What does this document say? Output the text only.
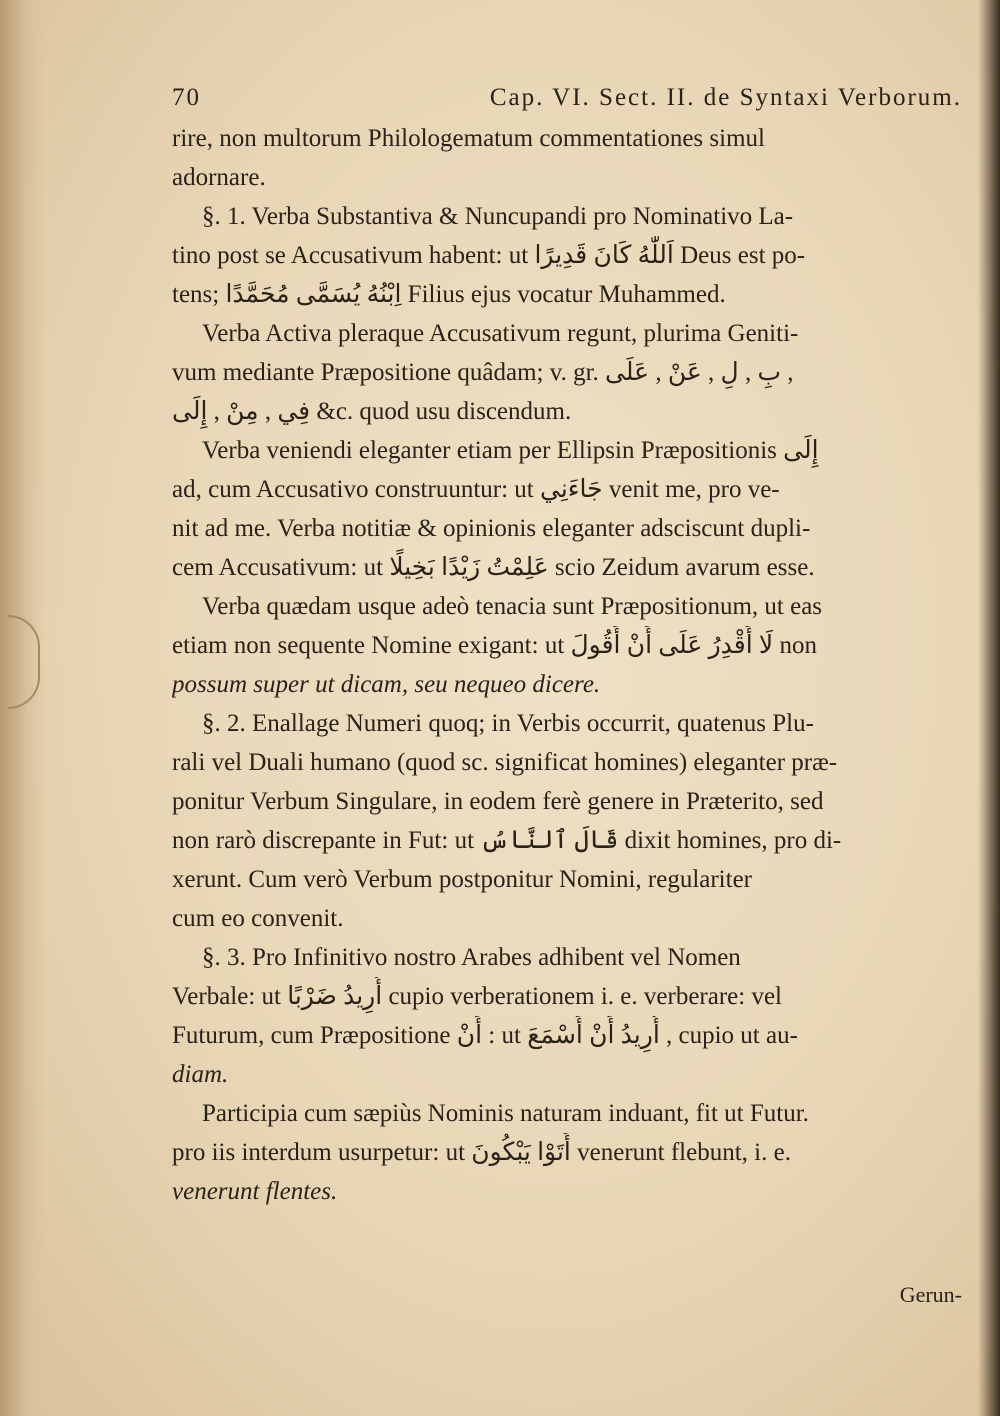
70	Cap. VI. Sect. II. de Syntaxi Verborum.
rire, non multorum Philologematum commentationes simul
adornare.
§. 1. Verba Substantiva & Nuncupandi pro Nominativo La-
tino post se Accusativum habent: ut اَللّٰهُ كَانَ قَدِيرًا Deus est po-
tens; اِبْنُهُ يُسَمَّى مُحَمَّدًا Filius ejus vocatur Muhammed.
Verba Activa pleraque Accusativum regunt, plurima Geniti-
vum mediante Præpositione quâdam; v. gr. بِ , لِ , عَنْ , عَلَى ,
فِي , مِنْ , إِلَى &c. quod usu discendum.
Verba veniendi eleganter etiam per Ellipsin Præpositionis إِلَى
ad, cum Accusativo construuntur: ut جَاءَنِي venit me, pro ve-
nit ad me. Verba notitiæ & opinionis eleganter adsciscunt dupli-
cem Accusativum: ut عَلِمْتُ زَيْدًا بَخِيلًا scio Zeidum avarum esse.
Verba quædam usque adeò tenacia sunt Præpositionum, ut eas
etiam non sequente Nomine exigant: ut لَا أَقْدِرُ عَلَى أَنْ أَقُولَ non
possum super ut dicam, seu nequeo dicere.
§. 2. Enallage Numeri quoq; in Verbis occurrit, quatenus Plu-
rali vel Duali humano (quod sc. significat homines) eleganter præ-
ponitur Verbum Singulare, in eodem ferè genere in Præterito, sed
non rarò discrepante in Fut: ut قَالَ ٱلنَّاسُ dixit homines, pro di-
xerunt. Cum verò Verbum postponitur Nomini, regulariter
cum eo convenit.
§. 3. Pro Infinitivo nostro Arabes adhibent vel Nomen
Verbale: ut أُرِيدُ ضَرْبًا cupio verberationem i. e. verberare: vel
Futurum, cum Præpositione أَنْ : ut أُرِيدُ أَنْ أَسْمَعَ , cupio ut au-
diam.
Participia cum sæpiùs Nominis naturam induant, fit ut Futur.
pro iis interdum usurpetur: ut أَتَوْا يَبْكُونَ venerunt flebunt, i. e.
venerunt flentes.
Gerun-
